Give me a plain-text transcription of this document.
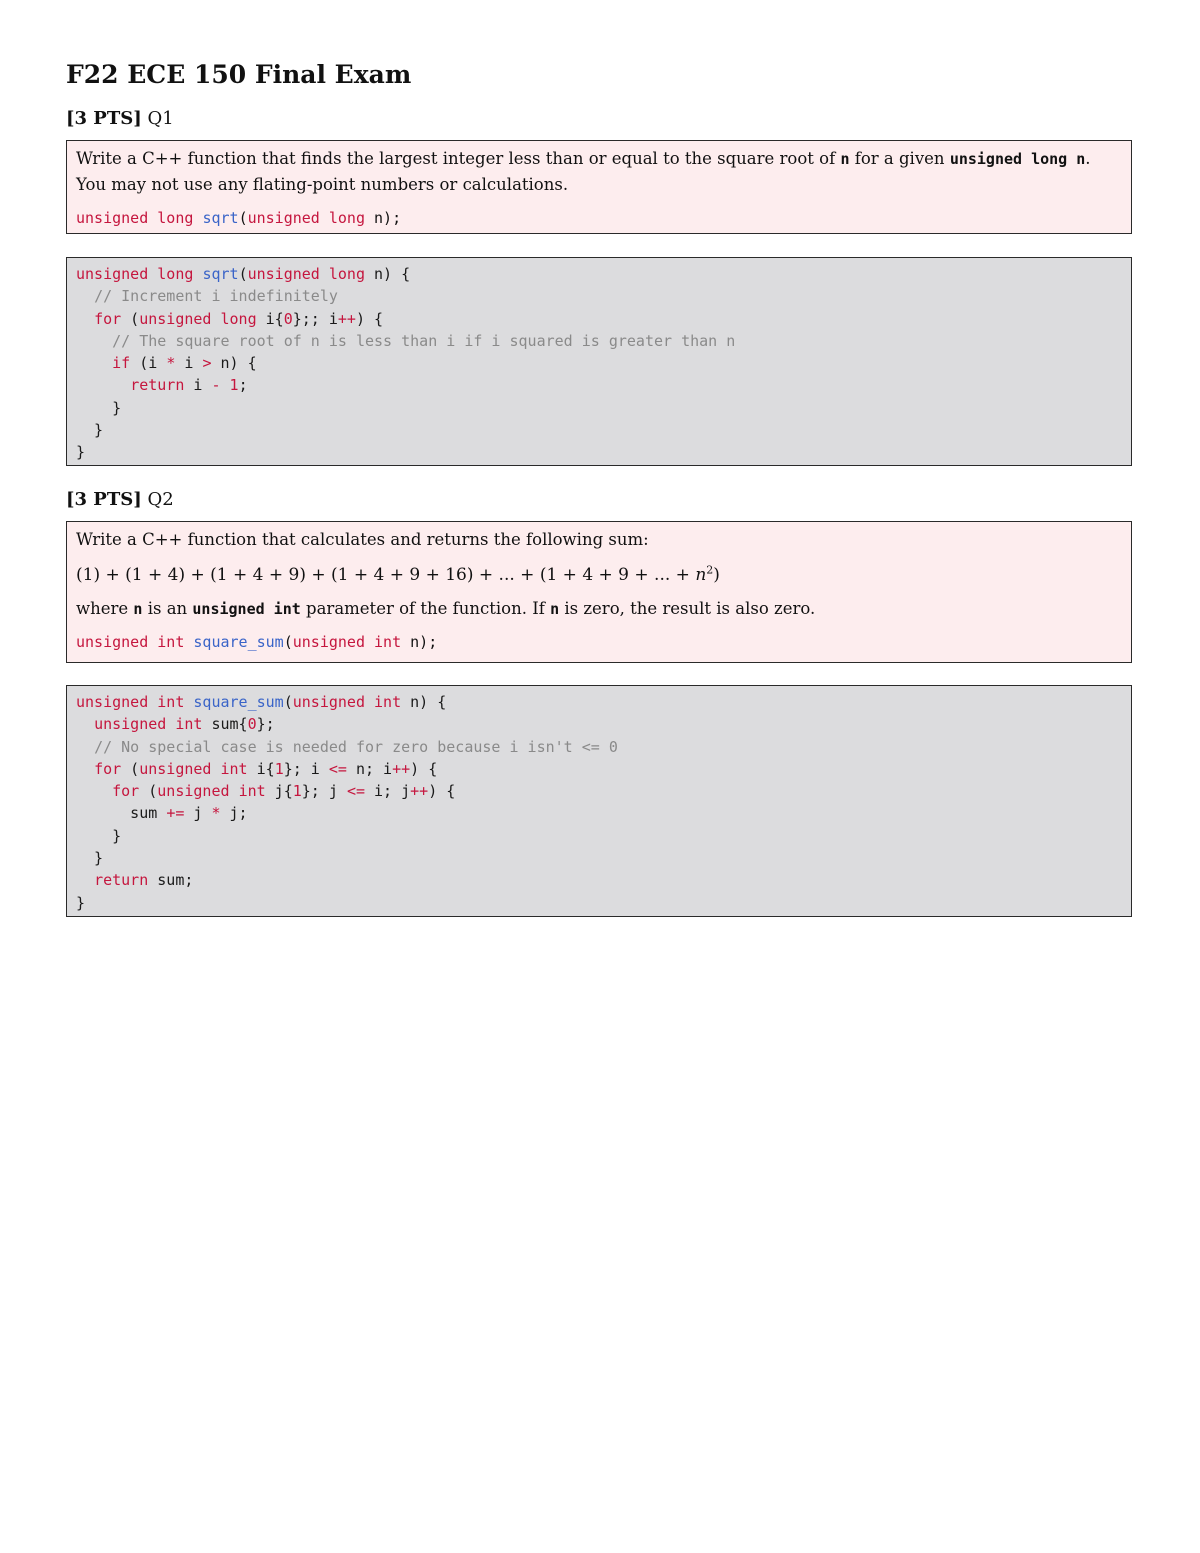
F22 ECE 150 Final Exam
[3 PTS] Q1

Write a C++ function that finds the largest integer less than or equal to the square root of n for a given unsigned long n. You may not use any flating-point numbers or calculations.

unsigned long sqrt(unsigned long n);
unsigned long sqrt(unsigned long n) {
// Increment i indefinitely
for (unsigned long i{0};; i++) {
// The square root of n is less than i if i squared is greater than n
if (i * i > n) {
return i - 1;
}
}
}
[3 PTS] Q2

Write a C++ function that calculates and returns the following sum:

(1) + (1 + 4) + (1 + 4 + 9) + (1 + 4 + 9 + 16) + ... + (1 + 4 + 9 + ... + $n^2$)

where n is an unsigned int parameter of the function. If n is zero, the result is also zero.

unsigned int square_sum(unsigned int n);
unsigned int square_sum(unsigned int n) {
unsigned int sum{0};
// No special case is needed for zero because i isn't <= 0
for (unsigned int i{1}; i <= n; i++) {
for (unsigned int j{1}; j <= i; j++) {
sum += j * j;
}
}
return sum;
}
